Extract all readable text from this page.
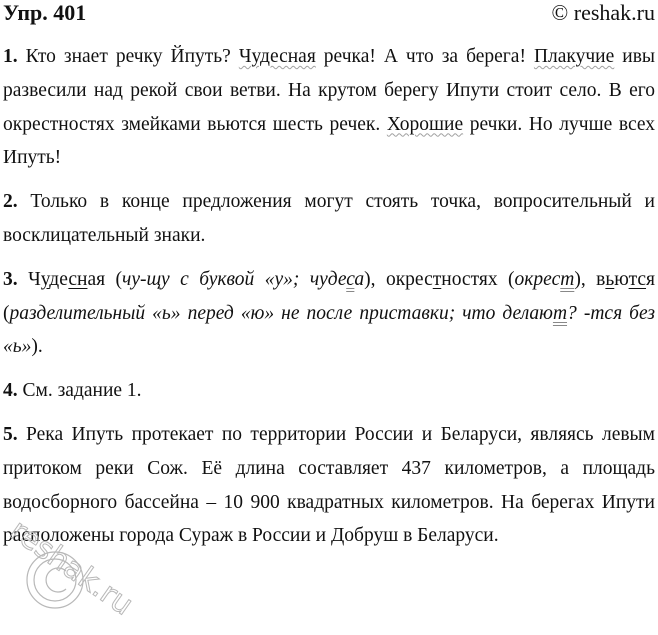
Упр. 401	© reshak.ru

1. Кто знает речку Йпуть? Чудесная речка! А что за берега! Плакучие ивы развесили над рекой свои ветви. На крутом берегу Ипути стоит село. В его окрестностях змейками вьются шесть речек. Хорошие речки. Но лучше всех Ипуть!

2. Только в конце предложения могут стоять точка, вопросительный и восклицательный знаки.

3. Чудесная (чу-щу с буквой «у»; чудеса), окрестностях (окрест), вьются (разделительный «ь» перед «ю» не после приставки; что делают? -тся без «ь»).

4. См. задание 1.

5. Река Ипуть протекает по территории России и Беларуси, являясь левым притоком реки Сож. Её длина составляет 437 километров, а площадь водосборного бассейна – 10 900 квадратных километров. На берегах Ипути расположены города Сураж в России и Добруш в Беларуси.

reshak.ru
